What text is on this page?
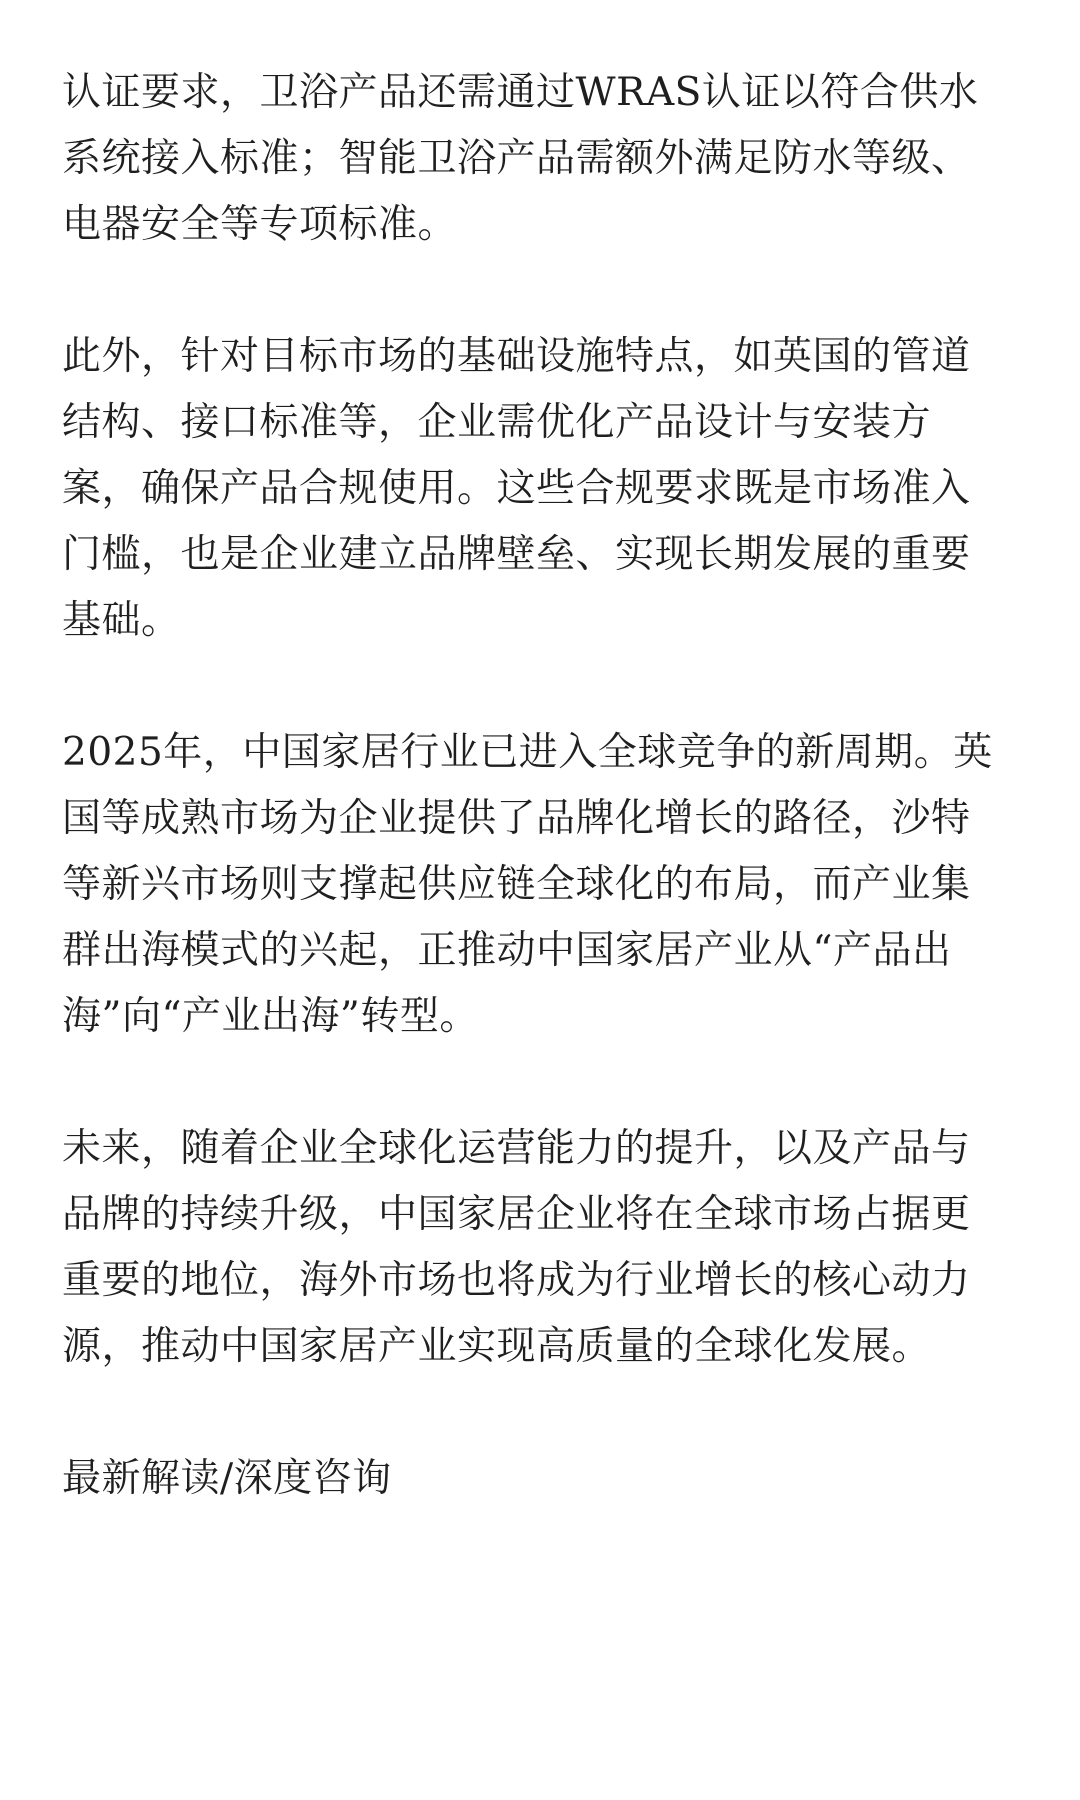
认证要求，卫浴产品还需通过WRAS认证以符合供水
系统接入标准；智能卫浴产品需额外满足防水等级、
电器安全等专项标准。

此外，针对目标市场的基础设施特点，如英国的管道
结构、接口标准等，企业需优化产品设计与安装方
案，确保产品合规使用。这些合规要求既是市场准入
门槛，也是企业建立品牌壁垒、实现长期发展的重要
基础。

2025年，中国家居行业已进入全球竞争的新周期。英
国等成熟市场为企业提供了品牌化增长的路径，沙特
等新兴市场则支撑起供应链全球化的布局，而产业集
群出海模式的兴起，正推动中国家居产业从“产品出
海”向“产业出海”转型。

未来，随着企业全球化运营能力的提升，以及产品与
品牌的持续升级，中国家居企业将在全球市场占据更
重要的地位，海外市场也将成为行业增长的核心动力
源，推动中国家居产业实现高质量的全球化发展。

最新解读/深度咨询
